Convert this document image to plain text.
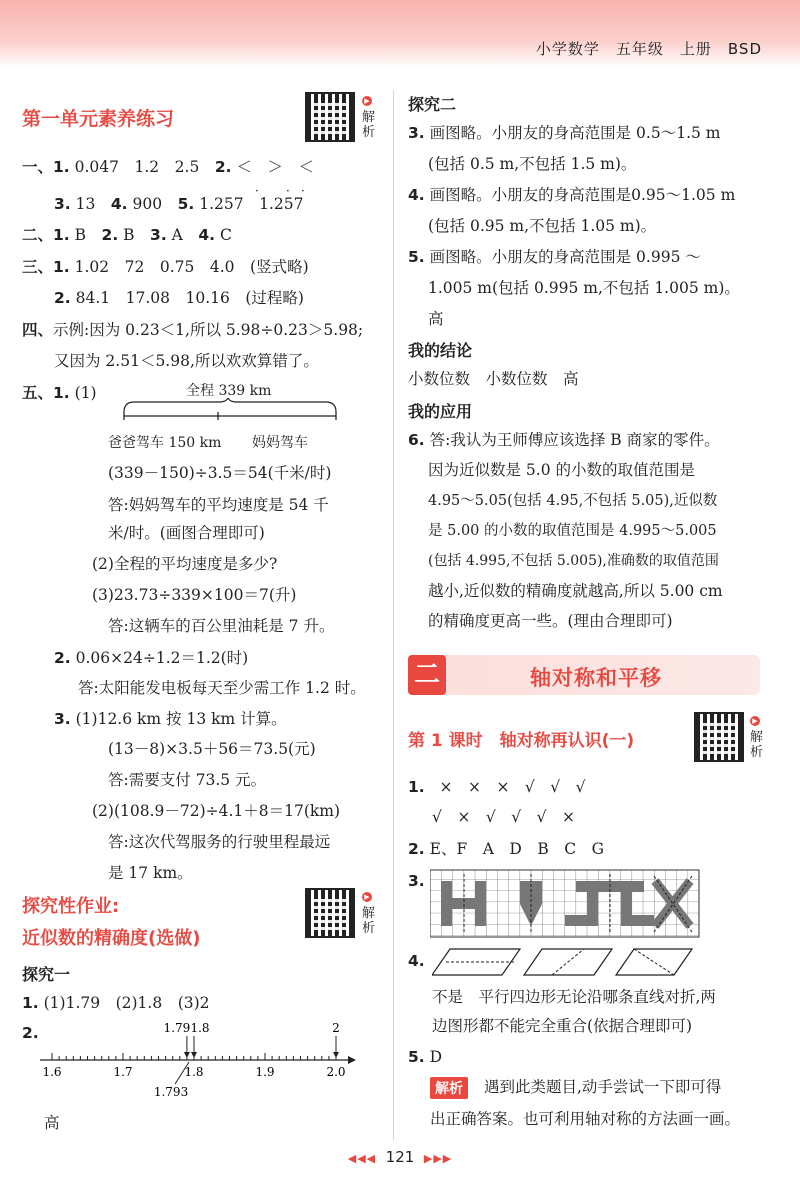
小学数学 五年级 上册 BSD
第一单元素养练习
▶
解析
一、1. 0.047　1.2　2.5　2. ＜　＞　＜
3. 13　4. 900　5. 1.257　1.257
· · ·
二、1. B　2. B　3. A　4. C
三、1. 1.02　72　0.75　4.0　(竖式略)
2. 84.1　17.08　10.16　(过程略)
四、示例:因为 0.23＜1,所以 5.98÷0.23＞5.98;
又因为 2.51＜5.98,所以欢欢算错了。
五、1. (1)	全程 339 km
爸爸驾车 150 km 妈妈驾车
(339－150)÷3.5＝54(千米/时)
答:妈妈驾车的平均速度是 54 千
米/时。(画图合理即可)
(2)全程的平均速度是多少?
(3)23.73÷339×100＝7(升)
答:这辆车的百公里油耗是 7 升。
2. 0.06×24÷1.2＝1.2(时)
答:太阳能发电板每天至少需工作 1.2 时。
3. (1)12.6 km 按 13 km 计算。
(13－8)×3.5＋56＝73.5(元)
答:需要支付 73.5 元。
(2)(108.9－72)÷4.1＋8＝17(km)
答:这次代驾服务的行驶里程最远
是 17 km。
探究性作业:
近似数的精确度(选做)
▶
解析
探究一
1. (1)1.79　(2)1.8　(3)2
2.
1.6	1.7	1.8	1.9	2.0
1.79 1.8	2
1.793
高
探究二
3. 画图略。小朋友的身高范围是 0.5～1.5 m
(包括 0.5 m,不包括 1.5 m)。
4. 画图略。小朋友的身高范围是0.95～1.05 m
(包括 0.95 m,不包括 1.05 m)。
5. 画图略。小朋友的身高范围是 0.995 ～
1.005 m(包括 0.995 m,不包括 1.005 m)。
高
我的结论
小数位数　小数位数　高
我的应用
6. 答:我认为王师傅应该选择 B 商家的零件。
因为近似数是 5.0 的小数的取值范围是
4.95～5.05(包括 4.95,不包括 5.05),近似数
是 5.00 的小数的取值范围是 4.995～5.005
(包括 4.995,不包括 5.005),准确数的取值范围
越小,近似数的精确度就越高,所以 5.00 cm
的精确度更高一些。(理由合理即可)
二	轴对称和平移
第 1 课时　轴对称再认识(一)
▶
解析
1. ×　×　×　√　√　√
√　×　√　√　√　×
2. E、F　A　D　B　C　G
3.
4.
不是　平行四边形无论沿哪条直线对折,两
边图形都不能完全重合(依据合理即可)
5. D
解析	遇到此类题目,动手尝试一下即可得
出正确答案。也可利用轴对称的方法画一画。
◀◀◀ 121 ▶▶▶
